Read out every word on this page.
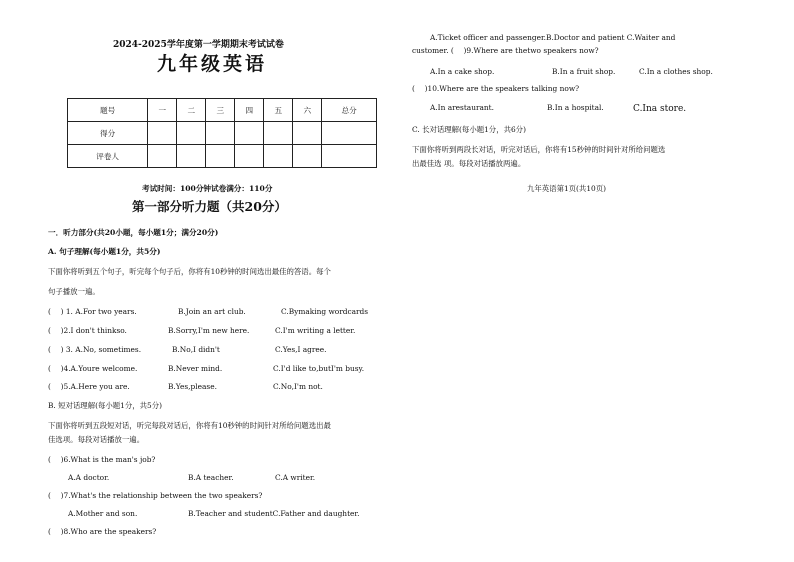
2024-2025学年度第一学期期末考试试卷
九年级英语
题号	一	二	三	四	五	六	总分
得分							
评卷人							
考试时间：100分钟试卷满分：110分
第一部分听力题（共20分）
一．听力部分(共20小题，每小题1分；满分20分)
A. 句子理解(每小题1分，共5分)
下面你将听到五个句子，听完每个句子后，你将有10秒钟的时间选出最佳的答语。每个
句子播放一遍。
(　 ) 1. A.For two years.	B.Join an art club.	C.Bymaking wordcards
(　 )2.I don't thinkso.	B.Sorry,I'm new here.	C.I'm writing a letter.
(　 ) 3. A.No, sometimes.	B.No,I didn't	C.Yes,I agree.
(　 )4.A.Youre welcome.	B.Never mind.	C.I'd like to,butI'm busy.
(　 )5.A.Here you are.	B.Yes,please.	C.No,I'm not.
B. 短对话理解(每小题1分，共5分)
下面你将听到五段短对话，听完每段对话后，你将有10秒钟的时间针对所给问题选出最
佳选项。每段对话播放一遍。
(　 )6.What is the man's job?
A.A doctor.	B.A teacher.	C.A writer.
(　 )7.What's the relationship between the two speakers?
A.Mother and son.	B.Teacher and studentC.Father and daughter.
(　 )8.Who are the speakers?
A.Ticket officer and passenger.B.Doctor and patient C.Waiter and
customer. (　 )9.Where are thetwo speakers now?
A.In a cake shop.	B.In a fruit shop.	C.In a clothes shop.
(　 )10.Where are the speakers talking now?
A.In arestaurant.	B.In a hospital.	C.Ina store.
C. 长对话理解(每小题1分，共6分)
下面你将听到两段长对话，听完对话后，你将有15秒钟的时间针对所给问题选
出最佳选 项。每段对话播放两遍。
九年英语第1页(共10页)
